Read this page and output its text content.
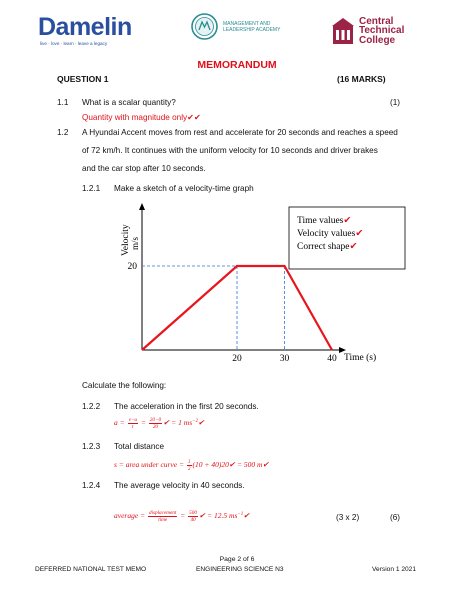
Damelin
live · love · learn · leave a legacy
MANAGEMENT AND
LEADERSHIP ACADEMY
Central
Technical
College
MEMORANDUM
QUESTION 1	(16 MARKS)
1.1 What is a scalar quantity?	(1)
Quantity with magnitude only✔✔
1.2 A Hyundai Accent moves from rest and accelerate for 20 seconds and reaches a speed
of 72 km/h. It continues with the uniform velocity for 10 seconds and driver brakes
and the car stop after 10 seconds.
1.2.1 Make a sketch of a velocity-time graph
Velocity m/s
Time (s)
20	30	40
20
Time values✔
Velocity values✔
Correct shape✔
Calculate the following:
1.2.2 The acceleration in the first 20 seconds.
$a = \frac{v-u}{t} = \frac{20-0}{20}$ ✔ = 1 $ms^{-2}✔$
1.2.3 Total distance
s = area under curve = $\frac{1}{2} (10$ + 40)20✔ = 500 m✔
1.2.4 The average velocity in 40 seconds.
average = $\frac{\text{displacement}}{\text{time}} = \frac{500}{40}$ ✔ = 12.5 $ms^{-1}✔$	(3 x 2)	(6)
Page 2 of 6
DEFERRED NATIONAL TEST MEMO	ENGINEERING SCIENCE N3	Version 1 2021
